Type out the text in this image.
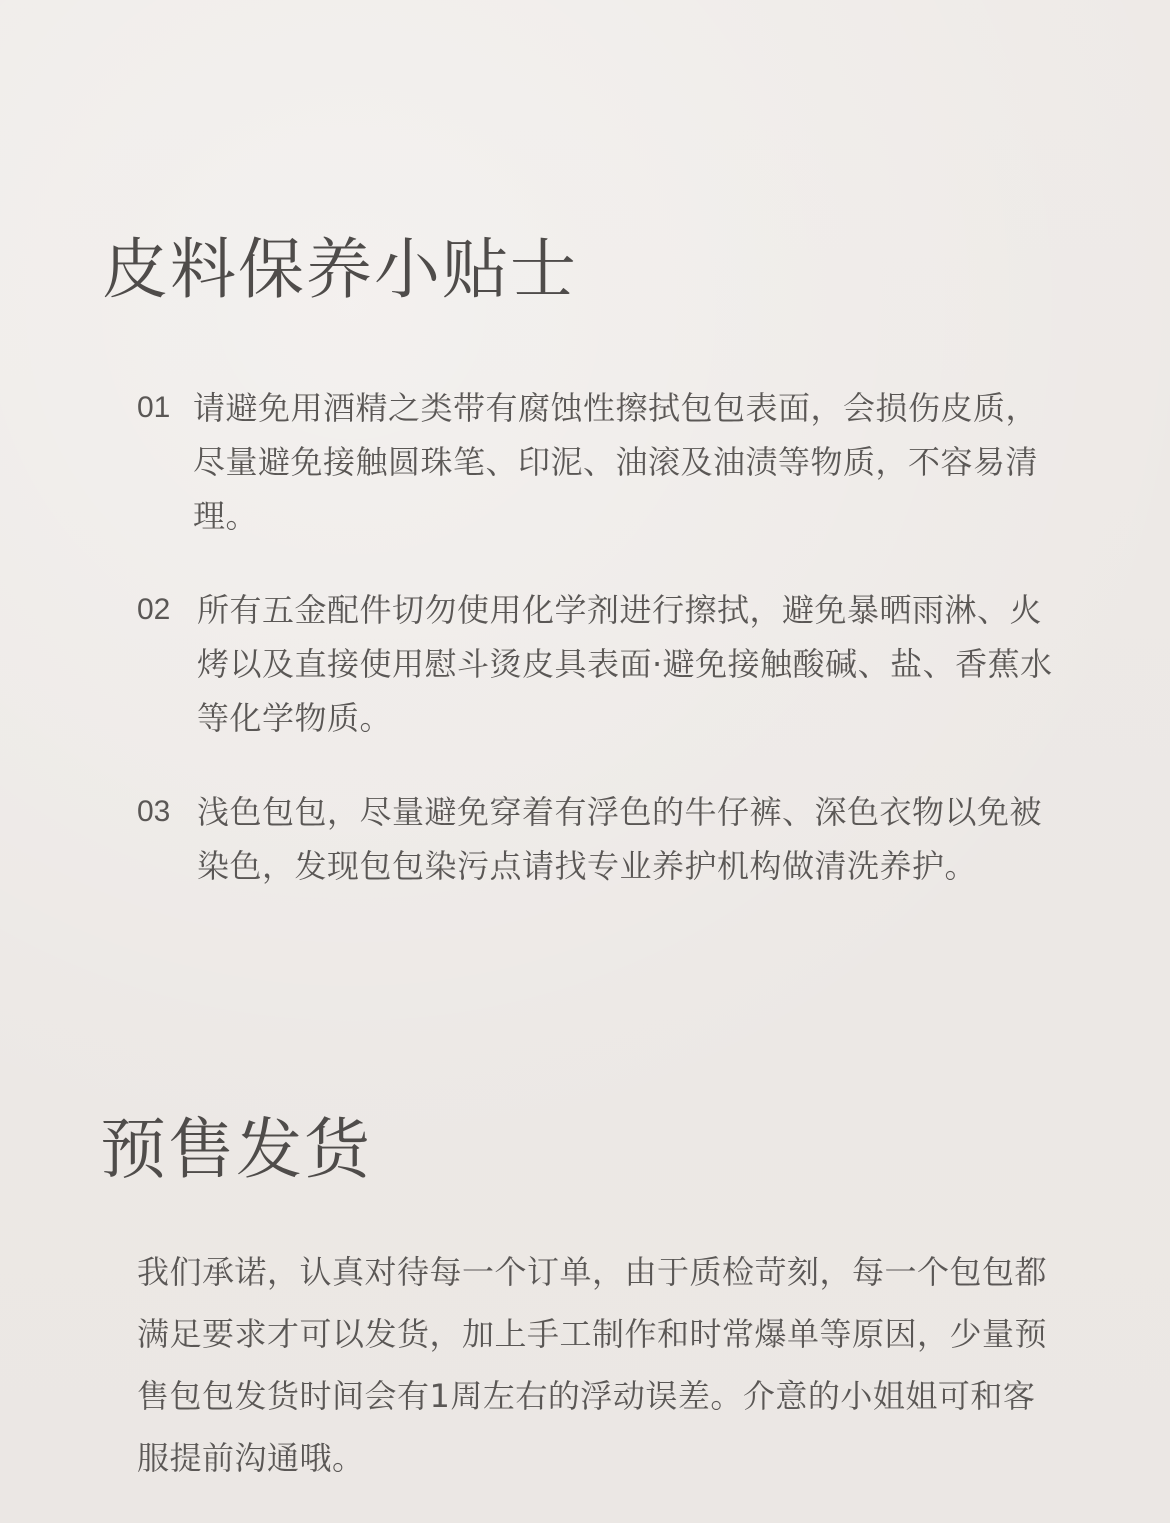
皮料保养小贴士
01 请避免用酒精之类带有腐蚀性擦拭包包表面，会损伤皮质，尽量避免接触圆珠笔、印泥、油滚及油渍等物质，不容易清理。
02 所有五金配件切勿使用化学剂进行擦拭，避免暴晒雨淋、火烤以及直接使用慰斗烫皮具表面·避免接触酸碱、盐、香蕉水等化学物质。
03 浅色包包，尽量避免穿着有浮色的牛仔裤、深色衣物以免被染色，发现包包染污点请找专业养护机构做清洗养护。
预售发货

我们承诺，认真对待每一个订单，由于质检苛刻，每一个包包都满足要求才可以发货，加上手工制作和时常爆单等原因，少量预售包包发货时间会有1周左右的浮动误差。介意的小姐姐可和客服提前沟通哦。
